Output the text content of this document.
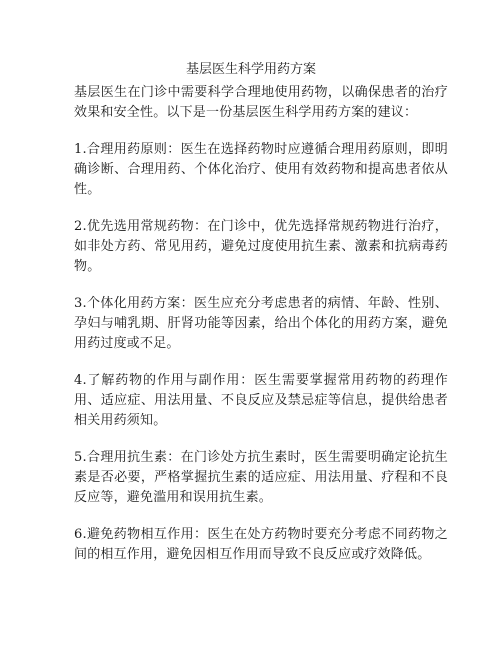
基层医生科学用药方案

基层医生在门诊中需要科学合理地使用药物，以确保患者的治疗效果和安全性。以下是一份基层医生科学用药方案的建议：

1.合理用药原则：医生在选择药物时应遵循合理用药原则，即明确诊断、合理用药、个体化治疗、使用有效药物和提高患者依从性。

2.优先选用常规药物：在门诊中，优先选择常规药物进行治疗，如非处方药、常见用药，避免过度使用抗生素、激素和抗病毒药物。

3.个体化用药方案：医生应充分考虑患者的病情、年龄、性别、孕妇与哺乳期、肝肾功能等因素，给出个体化的用药方案，避免用药过度或不足。

4.了解药物的作用与副作用：医生需要掌握常用药物的药理作用、适应症、用法用量、不良反应及禁忌症等信息，提供给患者相关用药须知。

5.合理用抗生素：在门诊处方抗生素时，医生需要明确定论抗生素是否必要，严格掌握抗生素的适应症、用法用量、疗程和不良反应等，避免滥用和误用抗生素。

6.避免药物相互作用：医生在处方药物时要充分考虑不同药物之间的相互作用，避免因相互作用而导致不良反应或疗效降低。
